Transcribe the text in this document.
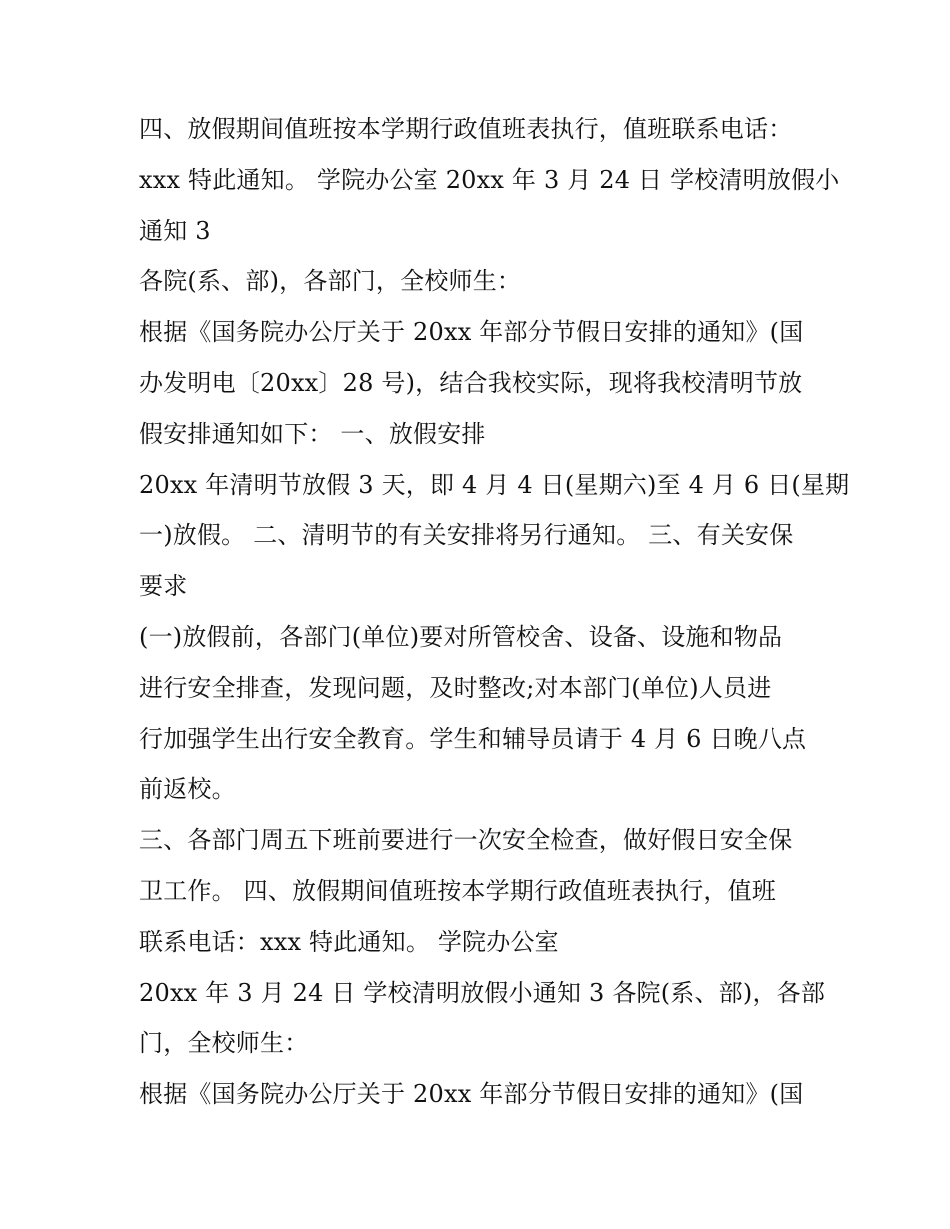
四、放假期间值班按本学期行政值班表执行，值班联系电话：
xxx 特此通知。 学院办公室 20xx 年 3 月 24 日 学校清明放假小
通知 3
各院(系、部)，各部门，全校师生：
根据《国务院办公厅关于 20xx 年部分节假日安排的通知》(国
办发明电〔20xx〕28 号)，结合我校实际，现将我校清明节放
假安排通知如下： 一、放假安排
20xx 年清明节放假 3 天，即 4 月 4 日(星期六)至 4 月 6 日(星期
一)放假。 二、清明节的有关安排将另行通知。 三、有关安保
要求
(一)放假前，各部门(单位)要对所管校舍、设备、设施和物品
进行安全排查，发现问题，及时整改;对本部门(单位)人员进
行加强学生出行安全教育。学生和辅导员请于 4 月 6 日晚八点
前返校。
三、各部门周五下班前要进行一次安全检查，做好假日安全保
卫工作。 四、放假期间值班按本学期行政值班表执行，值班
联系电话：xxx 特此通知。 学院办公室
20xx 年 3 月 24 日 学校清明放假小通知 3 各院(系、部)，各部
门，全校师生：
根据《国务院办公厅关于 20xx 年部分节假日安排的通知》(国
